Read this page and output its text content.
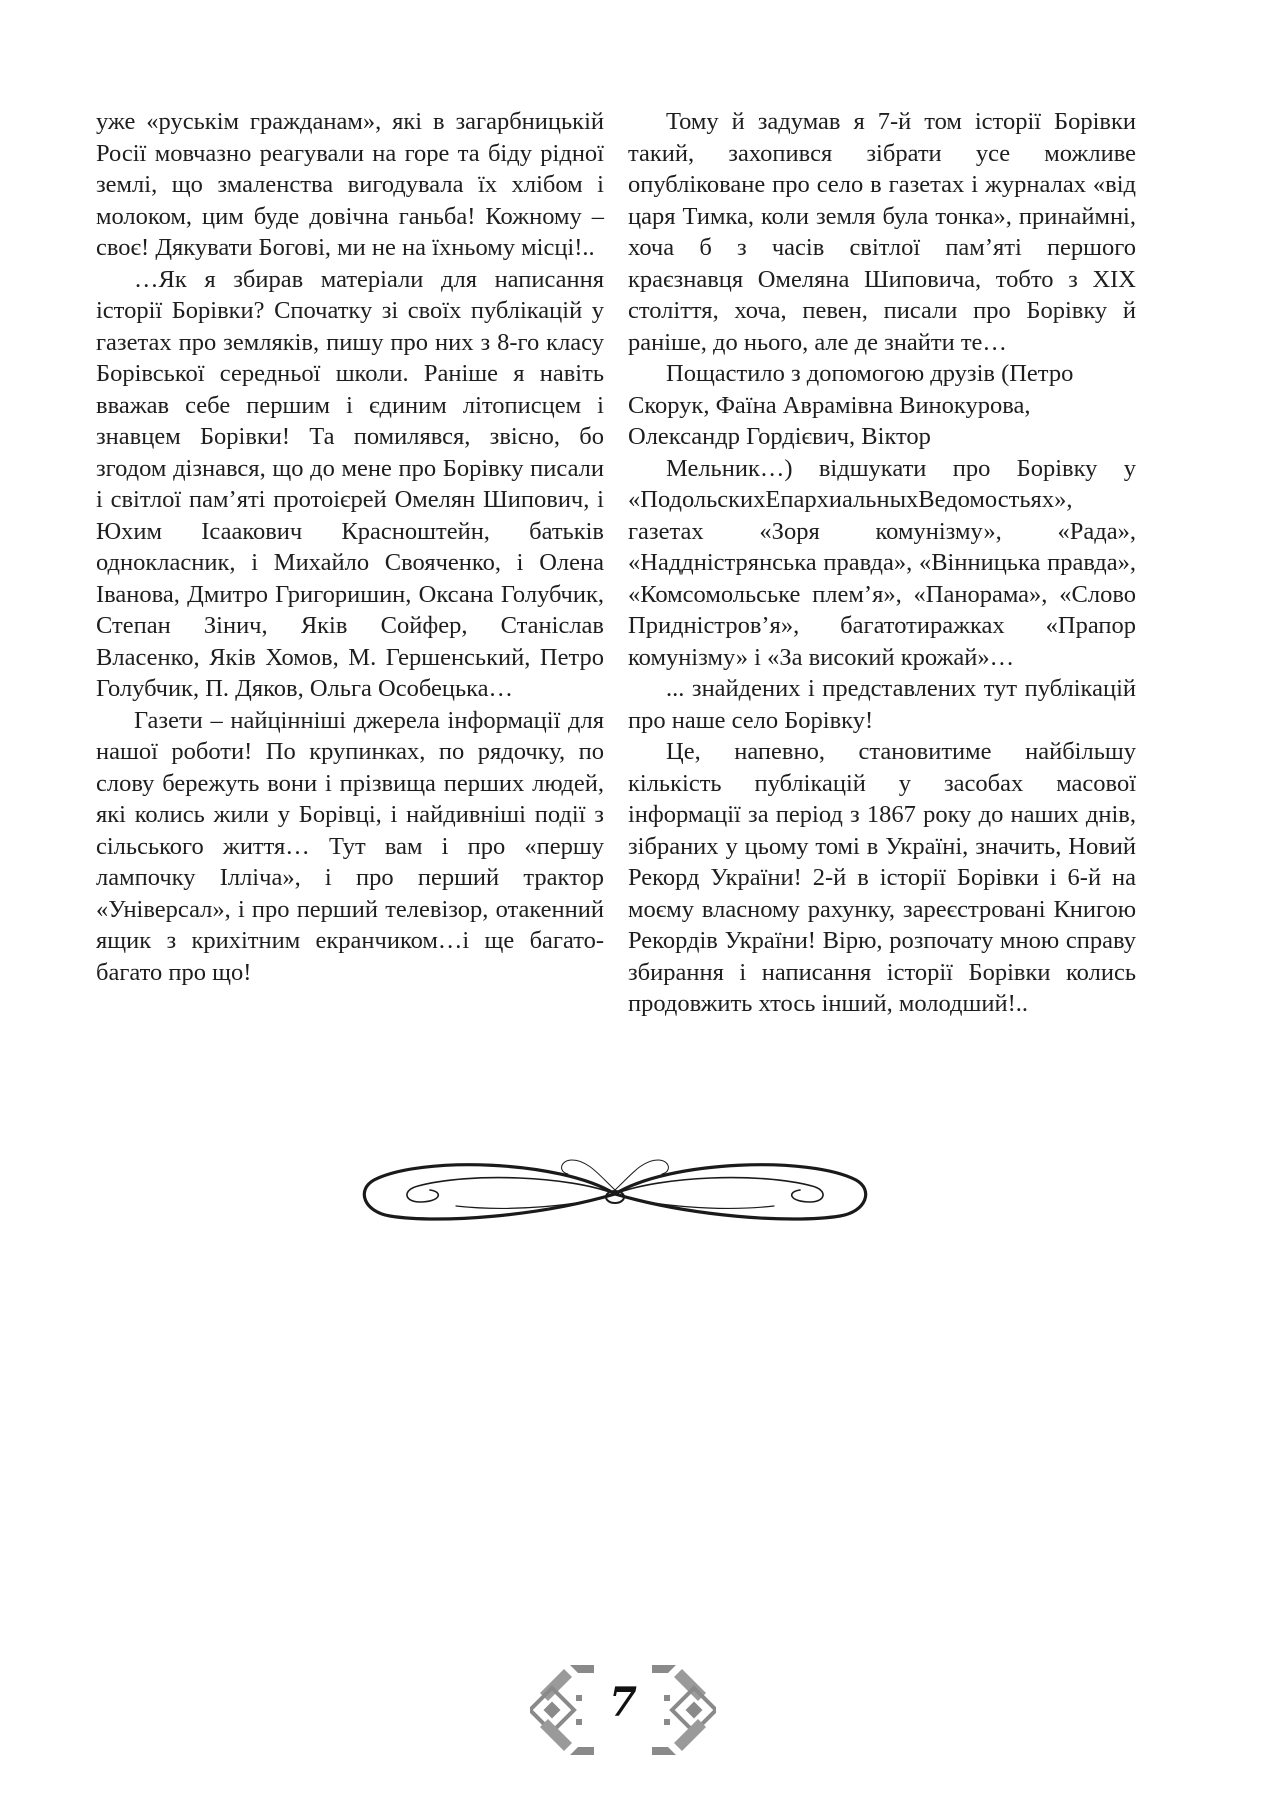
уже «руськім гражданам», які в загарбницькій Росії мовчазно реагували на горе та біду рідної землі, що змаленства вигодувала їх хлібом і молоком, цим буде довічна ганьба! Кожному – своє! Дякувати Богові, ми не на їхньому місці!..

…Як я збирав матеріали для написання історії Борівки? Спочатку зі своїх публікацій у газетах про земляків, пишу про них з 8-го класу Борівської середньої школи. Раніше я навіть вважав себе першим і єдиним літописцем і знавцем Борівки! Та помилявся, звісно, бо згодом дізнався, що до мене про Борівку писали і світлої пам’яті протоієрей Омелян Шипович, і Юхим Ісаакович Красноштейн, батьків однокласник, і Михайло Свояченко, і Олена Іванова, Дмитро Григоришин, Оксана Голубчик, Степан Зінич, Яків Сойфер, Станіслав Власенко, Яків Хомов, М. Гершенський, Петро Голубчик, П. Дяков, Ольга Особецька…

Газети – найцінніші джерела інформації для нашої роботи! По крупинках, по рядочку, по слову бережуть вони і прізвища перших людей, які колись жили у Борівці, і найдивніші події з сільського життя… Тут вам і про «першу лампочку Ілліча», і про перший трактор «Універсал», і про перший телевізор, отакенний ящик з крихітним екранчиком…і ще багато- багато про що!

Тому й задумав я 7-й том історії Борівки такий, захопився зібрати усе можливе опубліковане про село в газетах і журналах «від царя Тимка, коли земля була тонка», принаймні, хоча б з часів світлої пам’яті першого краєзнавця Омеляна Шиповича, тобто з XIX століття, хоча, певен, писали про Борівку й раніше, до нього, але де знайти те…

Пощастило з допомогою друзів (Петро Скорук, Фаїна Аврамівна Винокурова, Олександр Гордієвич, Віктор

Мельник…) відшукати про Борівку у «ПодольскихЕпархиальныхВедомостьях», газетах «Зоря комунізму», «Рада», «Наддністрянська правда», «Вінницька правда», «Комсомольське плем’я», «Панорама», «Слово Придністров’я», багатотиражках «Прапор комунізму» і «За високий крожай»…

... знайдених і представлених тут публікацій про наше село Борівку!

Це, напевно, становитиме найбільшу кількість публікацій у засобах масової інформації за період з 1867 року до наших днів, зібраних у цьому томі в Україні, значить, Новий Рекорд України! 2-й в історії Борівки і 6-й на моєму власному рахунку, зареєстровані Книгою Рекордів України! Вірю, розпочату мною справу збирання і написання історії Борівки колись продовжить хтось інший, молодший!..

7
